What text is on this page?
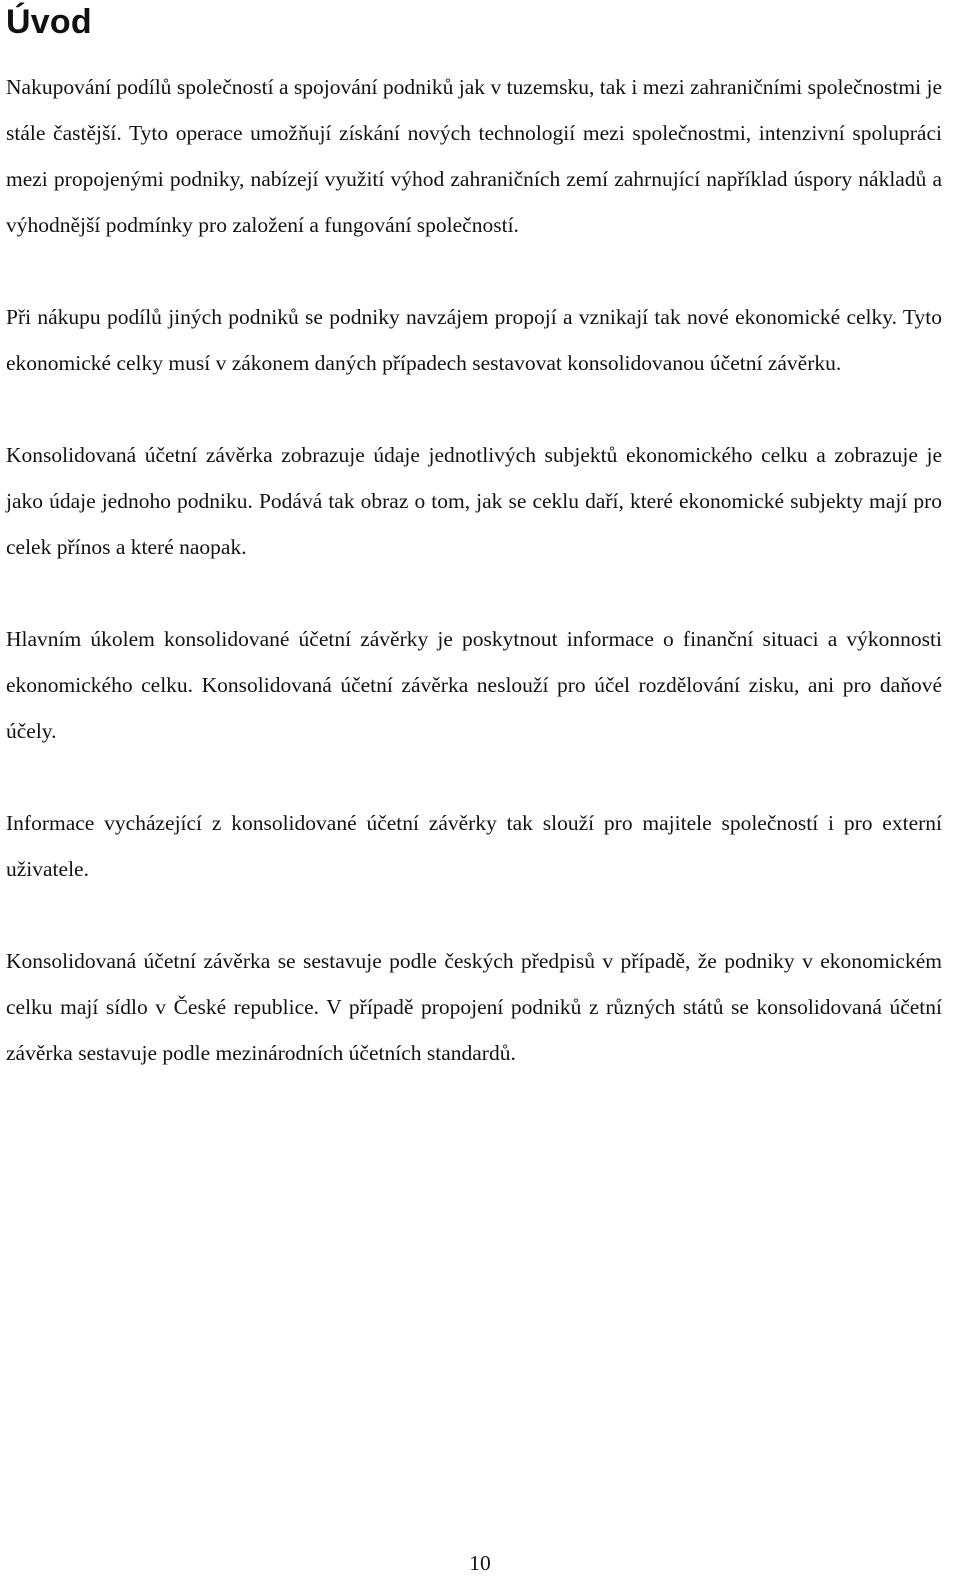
Úvod

Nakupování podílů společností a spojování podniků jak v tuzemsku, tak i mezi zahraničními společnostmi je stále častější. Tyto operace umožňují získání nových technologií mezi společnostmi, intenzivní spolupráci mezi propojenými podniky, nabízejí využití výhod zahraničních zemí zahrnující například úspory nákladů a výhodnější podmínky pro založení a fungování společností.

Při nákupu podílů jiných podniků se podniky navzájem propojí a vznikají tak nové ekonomické celky. Tyto ekonomické celky musí v zákonem daných případech sestavovat konsolidovanou účetní závěrku.

Konsolidovaná účetní závěrka zobrazuje údaje jednotlivých subjektů ekonomického celku a zobrazuje je jako údaje jednoho podniku. Podává tak obraz o tom, jak se ceklu daří, které ekonomické subjekty mají pro celek přínos a které naopak.

Hlavním úkolem konsolidované účetní závěrky je poskytnout informace o finanční situaci a výkonnosti ekonomického celku. Konsolidovaná účetní závěrka neslouží pro účel rozdělování zisku, ani pro daňové účely.

Informace vycházející z konsolidované účetní závěrky tak slouží pro majitele společností i pro externí uživatele.

Konsolidovaná účetní závěrka se sestavuje podle českých předpisů v případě, že podniky v ekonomickém celku mají sídlo v České republice. V případě propojení podniků z různých států se konsolidovaná účetní závěrka sestavuje podle mezinárodních účetních standardů.

10
